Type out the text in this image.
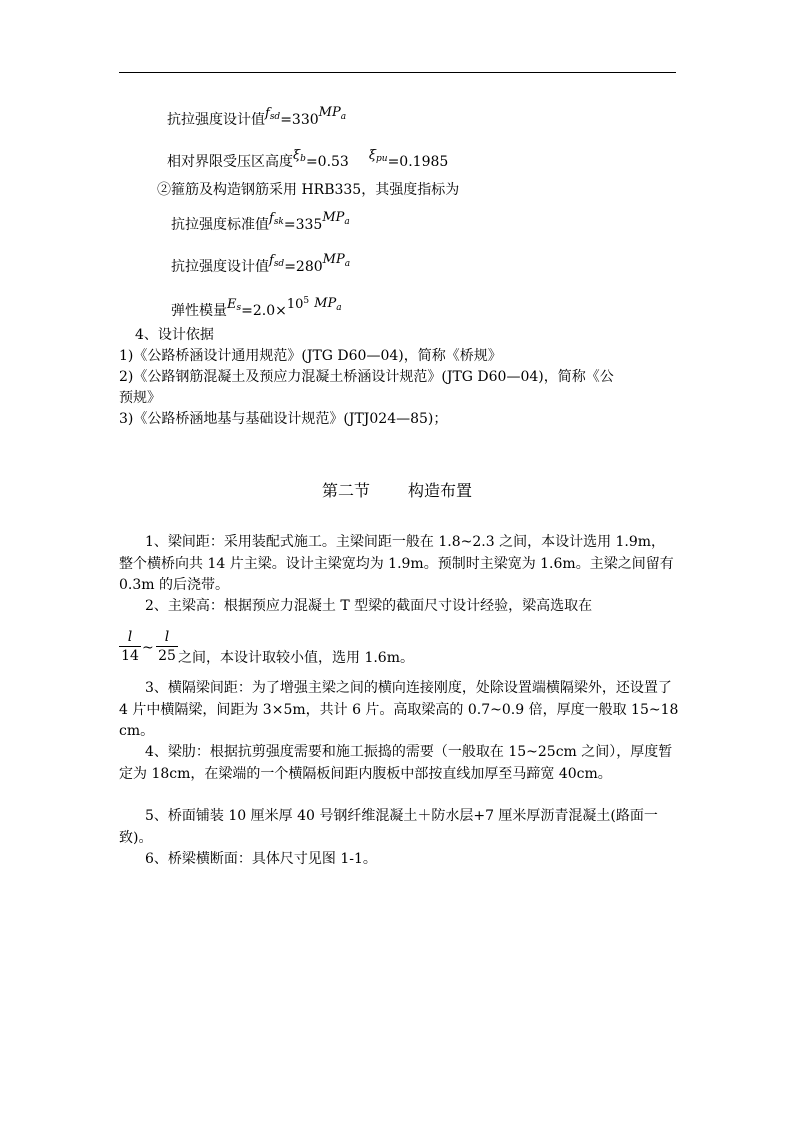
抗拉强度设计值$f_{sd}=330MP_a$
相对界限受压区高度$\xi_b=0.53$ $\xi_{pu}=0.1985$
②箍筋及构造钢筋采用 HRB335，其强度指标为
抗拉强度标准值$f_{sk}=335MP_a$
抗拉强度设计值$f_{sd}=280MP_a$
弹性模量$E_s=2.0\times 10^5$ $MP_a$
4、设计依据
1)《公路桥涵设计通用规范》(JTG D60—04)，简称《桥规》
2)《公路钢筋混凝土及预应力混凝土桥涵设计规范》(JTG D60—04)，简称《公
预规》
3)《公路桥涵地基与基础设计规范》(JTJ024—85)；
第二节 构造布置
1、梁间距：采用装配式施工。主梁间距一般在 1.8~2.3 之间，本设计选用 1.9m，整个横桥向共 14 片主梁。设计主梁宽均为 1.9m。预制时主梁宽为 1.6m。主梁之间留有 0.3m 的后浇带。
2、主梁高：根据预应力混凝土 T 型梁的截面尺寸设计经验，梁高选取在
l
14 ~
l
25 之间，本设计取较小值，选用 1.6m。
3、横隔梁间距：为了增强主梁之间的横向连接刚度，处除设置端横隔梁外，还设置了 4 片中横隔梁，间距为 3×5m，共计 6 片。高取梁高的 0.7~0.9 倍，厚度一般取 15~18cm。
4、梁肋：根据抗剪强度需要和施工振捣的需要（一般取在 15~25cm 之间），厚度暂定为 18cm，在梁端的一个横隔板间距内腹板中部按直线加厚至马蹄宽 40cm。
5、桥面铺装 10 厘米厚 40 号钢纤维混凝土＋防水层+7 厘米厚沥青混凝土(路面一致)。
6、桥梁横断面：具体尺寸见图 1-1。
